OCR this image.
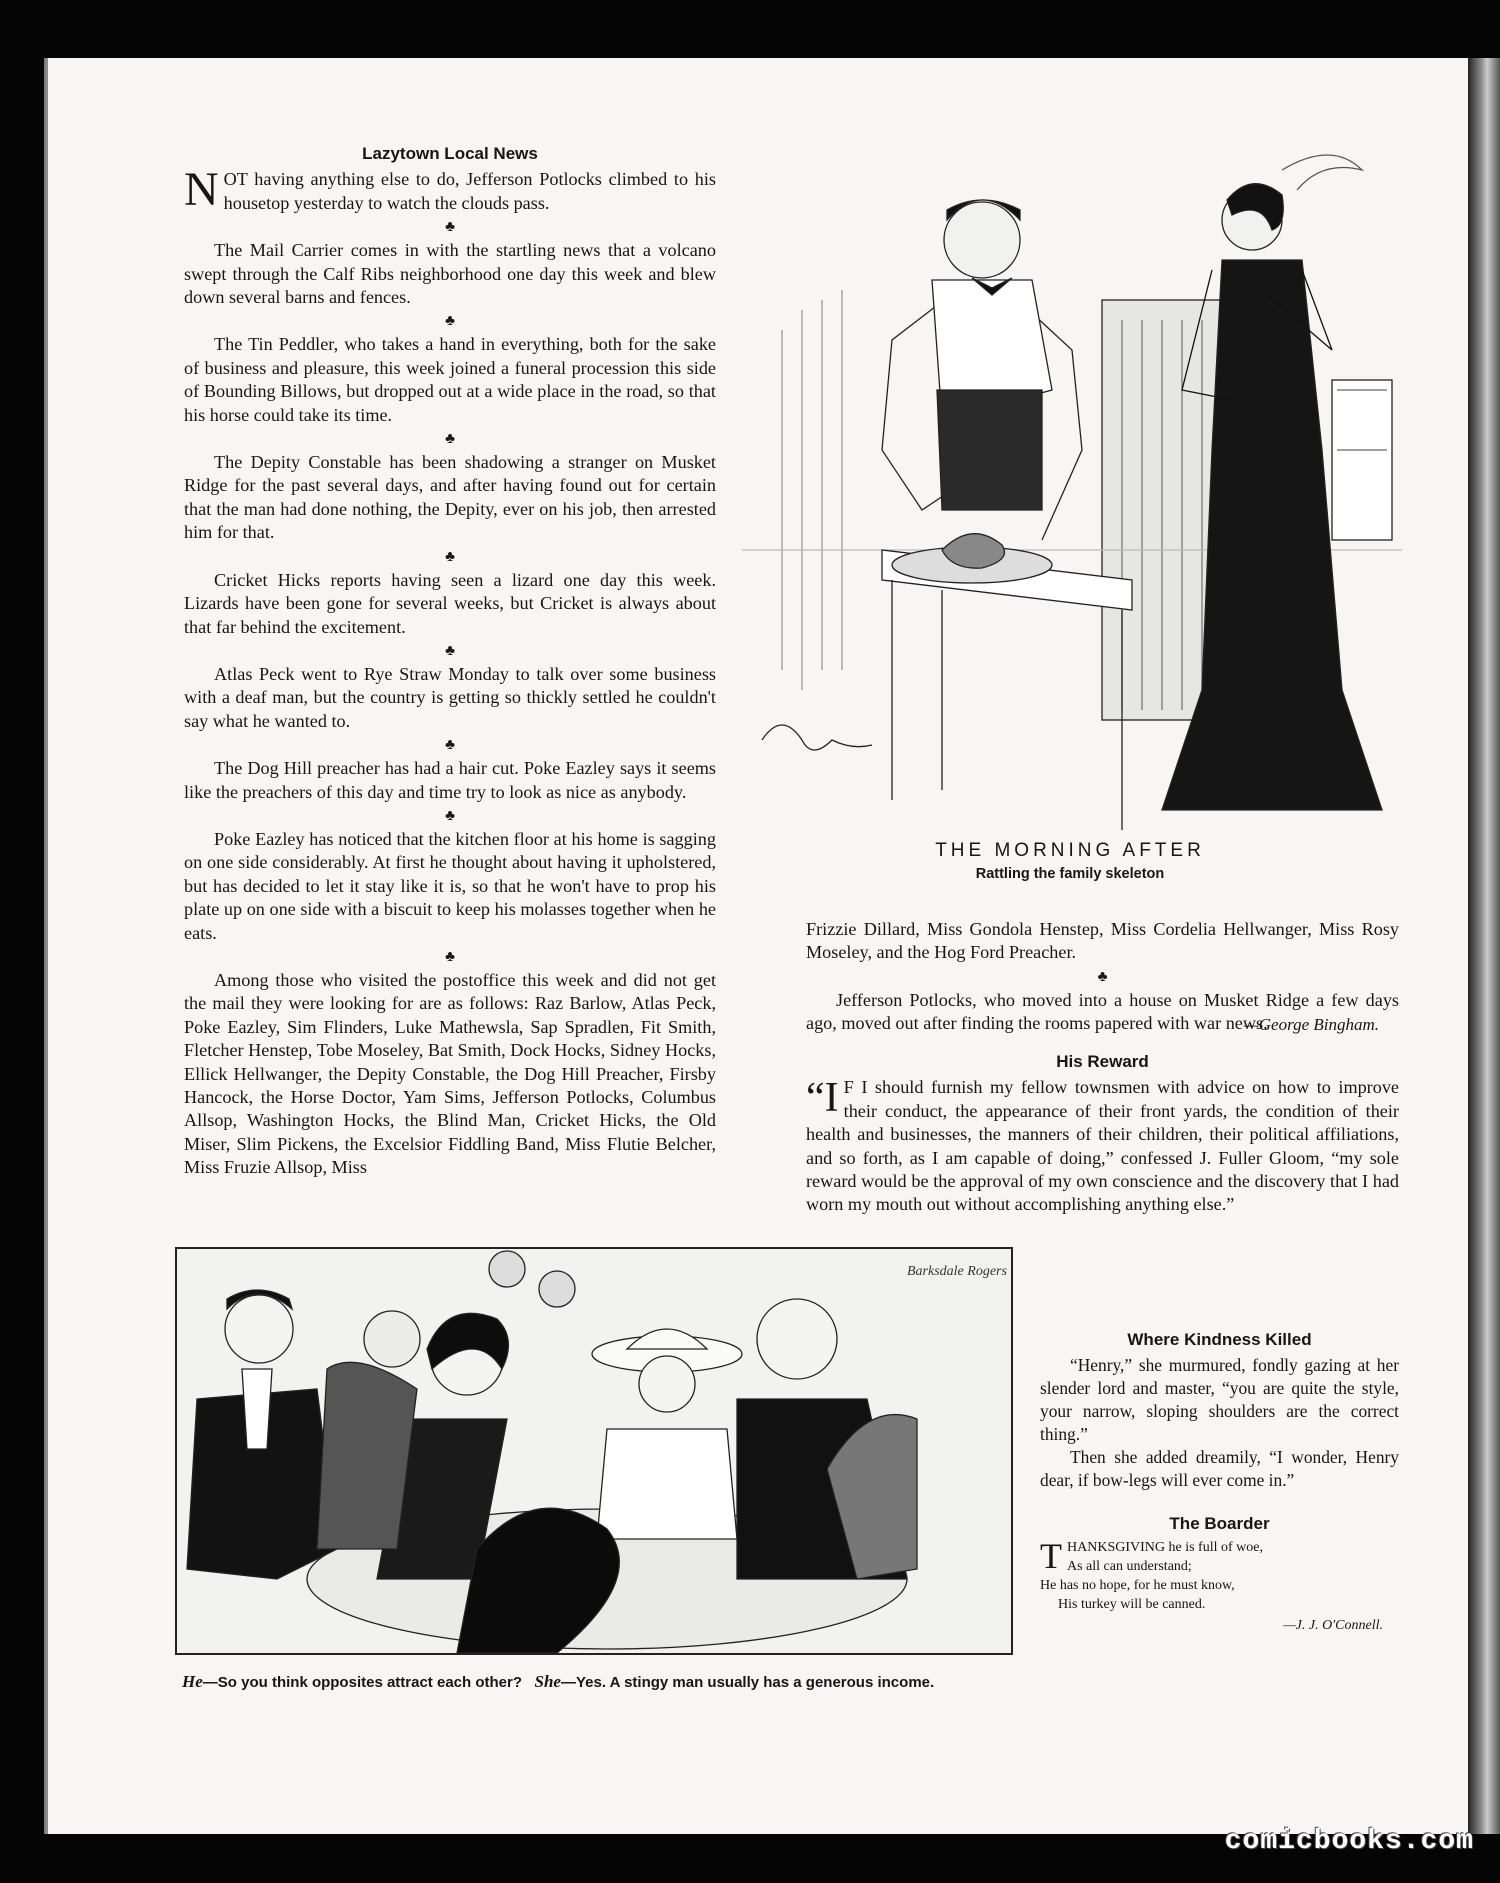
Lazytown Local News

NOT having anything else to do, Jefferson Potlocks climbed to his housetop yesterday to watch the clouds pass.

♣

The Mail Carrier comes in with the startling news that a volcano swept through the Calf Ribs neighborhood one day this week and blew down several barns and fences.

♣

The Tin Peddler, who takes a hand in everything, both for the sake of business and pleasure, this week joined a funeral procession this side of Bounding Billows, but dropped out at a wide place in the road, so that his horse could take its time.

♣

The Depity Constable has been shadowing a stranger on Musket Ridge for the past several days, and after having found out for certain that the man had done nothing, the Depity, ever on his job, then arrested him for that.

♣

Cricket Hicks reports having seen a lizard one day this week. Lizards have been gone for several weeks, but Cricket is always about that far behind the excitement.

♣

Atlas Peck went to Rye Straw Monday to talk over some business with a deaf man, but the country is getting so thickly settled he couldn't say what he wanted to.

♣

The Dog Hill preacher has had a hair cut. Poke Eazley says it seems like the preachers of this day and time try to look as nice as anybody.

♣

Poke Eazley has noticed that the kitchen floor at his home is sagging on one side considerably. At first he thought about having it upholstered, but has decided to let it stay like it is, so that he won't have to prop his plate up on one side with a biscuit to keep his molasses together when he eats.

♣

Among those who visited the postoffice this week and did not get the mail they were looking for are as follows: Raz Barlow, Atlas Peck, Poke Eazley, Sim Flinders, Luke Mathewsla, Sap Spradlen, Fit Smith, Fletcher Henstep, Tobe Moseley, Bat Smith, Dock Hocks, Sidney Hocks, Ellick Hellwanger, the Depity Constable, the Dog Hill Preacher, Firsby Hancock, the Horse Doctor, Yam Sims, Jefferson Potlocks, Columbus Allsop, Washington Hocks, the Blind Man, Cricket Hicks, the Old Miser, Slim Pickens, the Excelsior Fiddling Band, Miss Flutie Belcher, Miss Fruzie Allsop, Miss

THE MORNING AFTER
Rattling the family skeleton

Frizzie Dillard, Miss Gondola Henstep, Miss Cordelia Hellwanger, Miss Rosy Moseley, and the Hog Ford Preacher.

♣

Jefferson Potlocks, who moved into a house on Musket Ridge a few days ago, moved out after finding the rooms papered with war news.

—George Bingham.
His Reward

“I F I should furnish my fellow townsmen with advice on how to improve their conduct, the appearance of their front yards, the condition of their health and businesses, the manners of their children, their political affiliations, and so forth, as I am capable of doing,” confessed J. Fuller Gloom, “my sole reward would be the approval of my own conscience and the discovery that I had worn my mouth out without accomplishing anything else.”

Where Kindness Killed

“Henry,” she murmured, fondly gazing at her slender lord and master, “you are quite the style, your narrow, sloping shoulders are the correct thing.”

Then she added dreamily, “I wonder, Henry dear, if bow-legs will ever come in.”

The Boarder
T HANKSGIVING he is full of woe,
As all can understand;
He has no hope, for he must know,
His turkey will be canned.
—J. J. O'Connell.
Barksdale Rogers
He—So you think opposites attract each other? She—Yes. A stingy man usually has a generous income.
comicbooks.com
